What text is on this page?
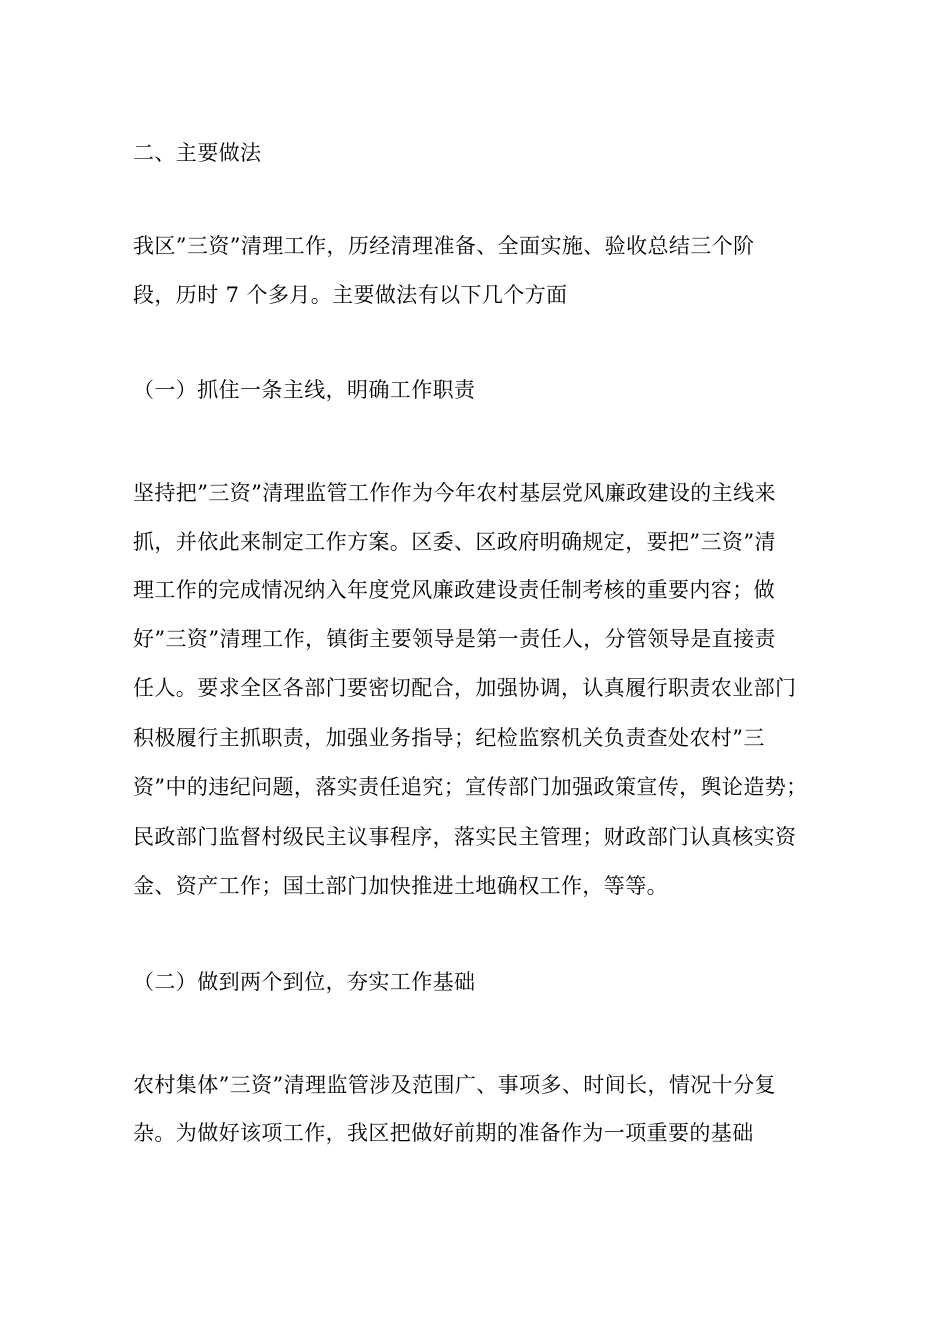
二、主要做法
我区”三资”清理工作，历经清理准备、全面实施、验收总结三个阶
段，历时 7 个多月。主要做法有以下几个方面
（一）抓住一条主线，明确工作职责
坚持把”三资”清理监管工作作为今年农村基层党风廉政建设的主线来
抓，并依此来制定工作方案。区委、区政府明确规定，要把”三资”清
理工作的完成情况纳入年度党风廉政建设责任制考核的重要内容；做
好”三资”清理工作，镇街主要领导是第一责任人，分管领导是直接责
任人。要求全区各部门要密切配合，加强协调，认真履行职责农业部门
积极履行主抓职责，加强业务指导；纪检监察机关负责查处农村”三
资”中的违纪问题，落实责任追究；宣传部门加强政策宣传，舆论造势；
民政部门监督村级民主议事程序，落实民主管理；财政部门认真核实资
金、资产工作；国土部门加快推进土地确权工作，等等。
（二）做到两个到位，夯实工作基础
农村集体”三资”清理监管涉及范围广、事项多、时间长，情况十分复
杂。为做好该项工作，我区把做好前期的准备作为一项重要的基础
